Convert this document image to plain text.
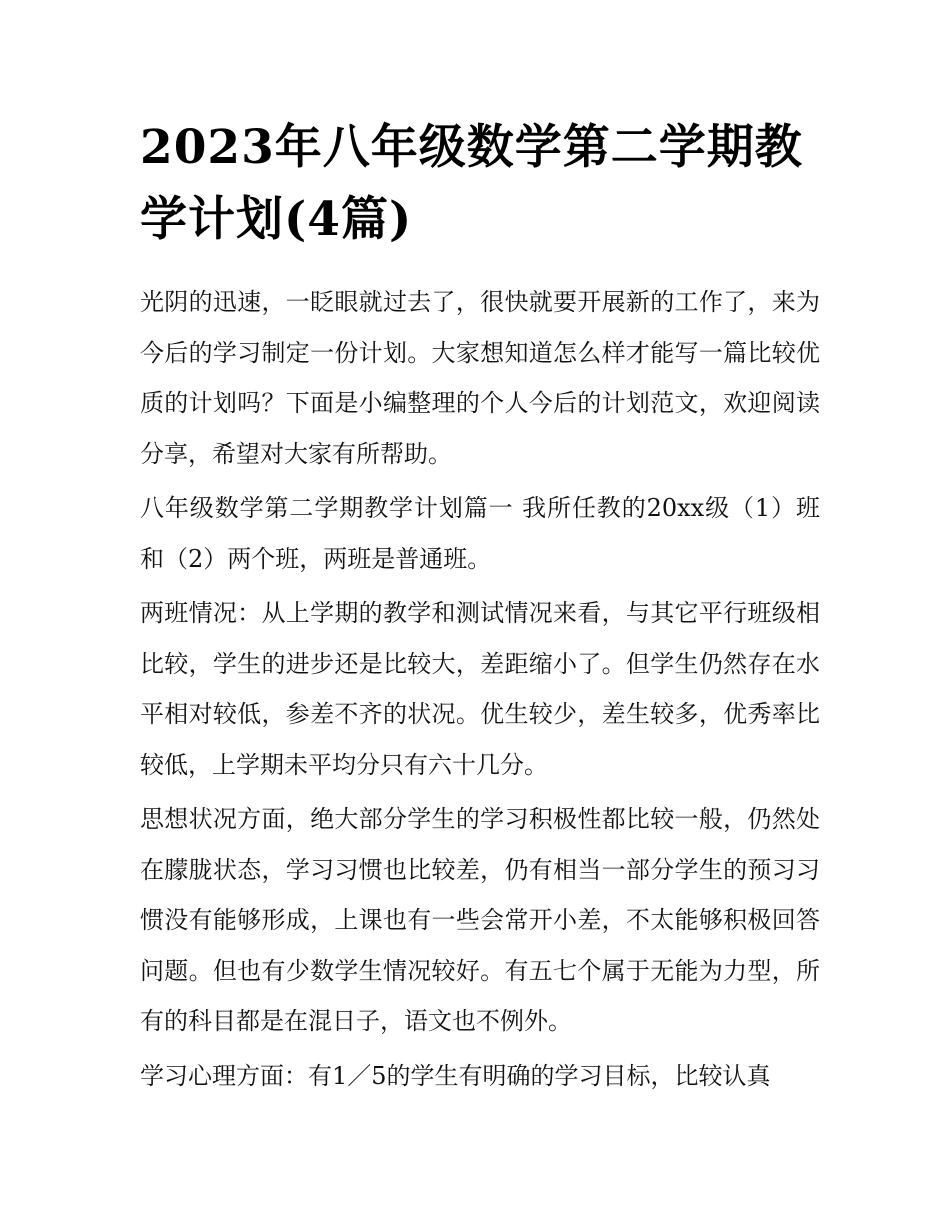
2023年八年级数学第二学期教学计划(4篇)

光阴的迅速，一眨眼就过去了，很快就要开展新的工作了，来为今后的学习制定一份计划。大家想知道怎么样才能写一篇比较优质的计划吗？下面是小编整理的个人今后的计划范文，欢迎阅读分享，希望对大家有所帮助。

八年级数学第二学期教学计划篇一 我所任教的20xx级（1）班和（2）两个班，两班是普通班。

两班情况：从上学期的教学和测试情况来看，与其它平行班级相比较，学生的进步还是比较大，差距缩小了。但学生仍然存在水平相对较低，参差不齐的状况。优生较少，差生较多，优秀率比较低，上学期未平均分只有六十几分。

思想状况方面，绝大部分学生的学习积极性都比较一般，仍然处在朦胧状态，学习习惯也比较差，仍有相当一部分学生的预习习惯没有能够形成，上课也有一些会常开小差，不太能够积极回答问题。但也有少数学生情况较好。有五七个属于无能为力型，所有的科目都是在混日子，语文也不例外。

学习心理方面：有1／5的学生有明确的学习目标，比较认真
